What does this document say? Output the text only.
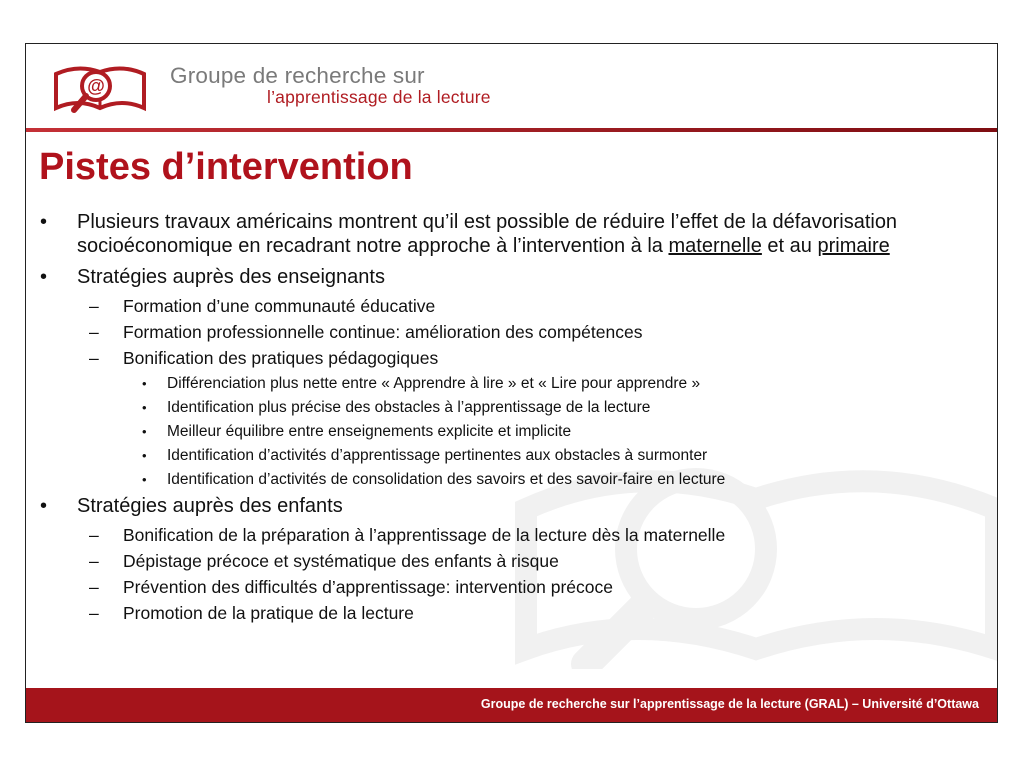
@	Groupe de recherche sur
l’apprentissage de la lecture
Pistes d’intervention
• Plusieurs travaux américains montrent qu’il est possible de réduire l’effet de la défavorisation socioéconomique en recadrant notre approche à l’intervention à la maternelle et au primaire
• Stratégies auprès des enseignants
– Formation d’une communauté éducative
– Formation professionnelle continue: amélioration des compétences
– Bonification des pratiques pédagogiques
• Différenciation plus nette entre « Apprendre à lire » et « Lire pour apprendre »
• Identification plus précise des obstacles à l’apprentissage de la lecture
• Meilleur équilibre entre enseignements explicite et implicite
• Identification d’activités d’apprentissage pertinentes aux obstacles à surmonter
• Identification d’activités de consolidation des savoirs et des savoir-faire en lecture
• Stratégies auprès des enfants
– Bonification de la préparation à l’apprentissage de la lecture dès la maternelle
– Dépistage précoce et systématique des enfants à risque
– Prévention des difficultés d’apprentissage: intervention précoce
– Promotion de la pratique de la lecture
Groupe de recherche sur l’apprentissage de la lecture (GRAL) – Université d’Ottawa
